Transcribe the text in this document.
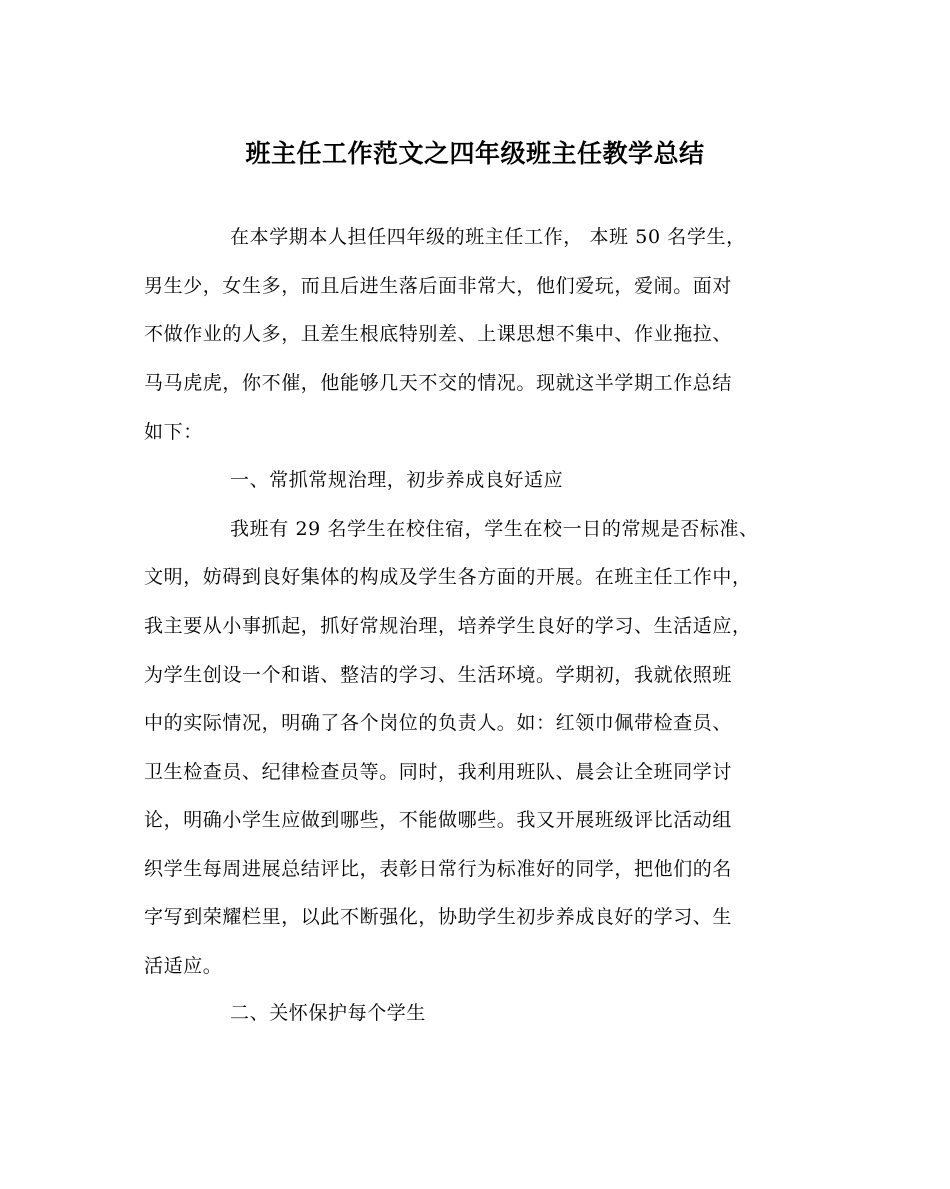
班主任工作范文之四年级班主任教学总结
在本学期本人担任四年级的班主任工作， 本班 50 名学生，
男生少，女生多，而且后进生落后面非常大，他们爱玩，爱闹。面对
不做作业的人多，且差生根底特别差、上课思想不集中、作业拖拉、
马马虎虎，你不催，他能够几天不交的情况。现就这半学期工作总结
如下：
一、常抓常规治理，初步养成良好适应
我班有 29 名学生在校住宿，学生在校一日的常规是否标准、
文明，妨碍到良好集体的构成及学生各方面的开展。在班主任工作中，
我主要从小事抓起，抓好常规治理，培养学生良好的学习、生活适应，
为学生创设一个和谐、整洁的学习、生活环境。学期初，我就依照班
中的实际情况，明确了各个岗位的负责人。如：红领巾佩带检查员、
卫生检查员、纪律检查员等。同时，我利用班队、晨会让全班同学讨
论，明确小学生应做到哪些，不能做哪些。我又开展班级评比活动组
织学生每周进展总结评比，表彰日常行为标准好的同学，把他们的名
字写到荣耀栏里，以此不断强化，协助学生初步养成良好的学习、生
活适应。
二、关怀保护每个学生
